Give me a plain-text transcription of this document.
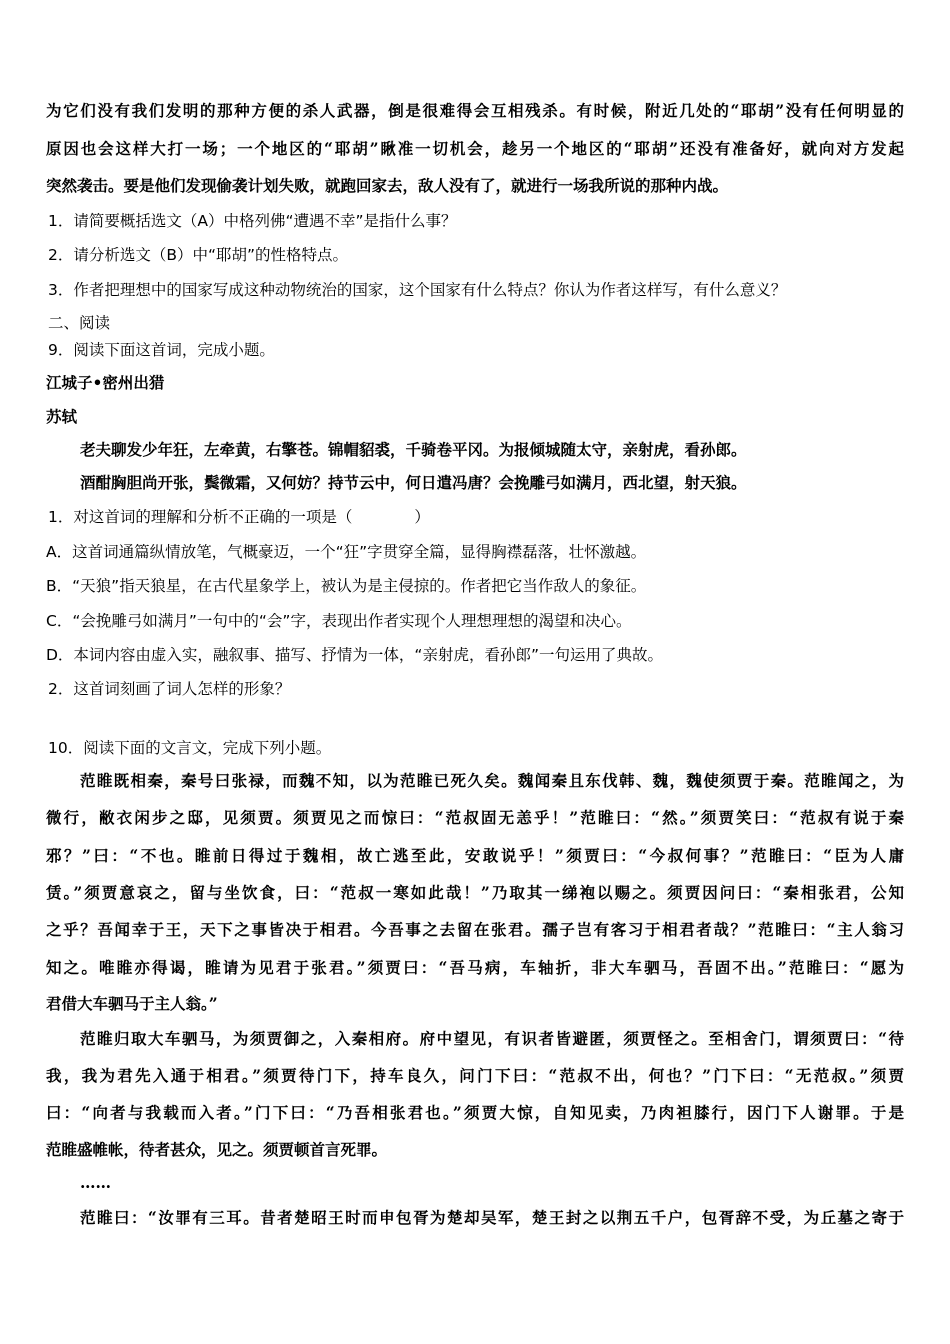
为它们没有我们发明的那种方便的杀人武器，倒是很难得会互相残杀。有时候，附近几处的“耶胡”没有任何明显的
原因也会这样大打一场；一个地区的“耶胡”瞅准一切机会，趁另一个地区的“耶胡”还没有准备好，就向对方发起
突然袭击。要是他们发现偷袭计划失败，就跑回家去，敌人没有了，就进行一场我所说的那种内战。
1．请简要概括选文（A）中格列佛“遭遇不幸”是指什么事？
2．请分析选文（B）中“耶胡”的性格特点。
3．作者把理想中的国家写成这种动物统治的国家，这个国家有什么特点？你认为作者这样写，有什么意义？
二、阅读
9．阅读下面这首词，完成小题。
江城子•密州出猎
苏轼
老夫聊发少年狂，左牵黄，右擎苍。锦帽貂裘，千骑卷平冈。为报倾城随太守，亲射虎，看孙郎。
酒酣胸胆尚开张，鬓微霜，又何妨？持节云中，何日遣冯唐？会挽雕弓如满月，西北望，射天狼。
1．对这首词的理解和分析不正确的一项是（　　　　）
A．这首词通篇纵情放笔，气概豪迈，一个“狂”字贯穿全篇，显得胸襟磊落，壮怀激越。
B．“天狼”指天狼星，在古代星象学上，被认为是主侵掠的。作者把它当作敌人的象征。
C．“会挽雕弓如满月”一句中的“会”字，表现出作者实现个人理想理想的渴望和决心。
D．本词内容由虚入实，融叙事、描写、抒情为一体，“亲射虎，看孙郎”一句运用了典故。
2．这首词刻画了词人怎样的形象？
10．阅读下面的文言文，完成下列小题。
范睢既相秦，秦号曰张禄，而魏不知，以为范睢已死久矣。魏闻秦且东伐韩、魏，魏使须贾于秦。范睢闻之，为
微行，敝衣闲步之邸，见须贾。须贾见之而惊曰：“范叔固无恙乎！”范睢曰：“然。”须贾笑曰：“范叔有说于秦
邪？”曰：“不也。睢前日得过于魏相，故亡逃至此，安敢说乎！”须贾曰：“今叔何事？”范睢曰：“臣为人庸
赁。”须贾意哀之，留与坐饮食，曰：“范叔一寒如此哉！”乃取其一绨袍以赐之。须贾因问曰：“秦相张君，公知
之乎？吾闻幸于王，天下之事皆决于相君。今吾事之去留在张君。孺子岂有客习于相君者哉？”范睢曰：“主人翁习
知之。唯睢亦得谒，睢请为见君于张君。”须贾曰：“吾马病，车轴折，非大车驷马，吾固不出。”范睢曰：“愿为
君借大车驷马于主人翁。”
范睢归取大车驷马，为须贾御之，入秦相府。府中望见，有识者皆避匿，须贾怪之。至相舍门，谓须贾曰：“待
我，我为君先入通于相君。”须贾待门下，持车良久，问门下曰：“范叔不出，何也？”门下曰：“无范叔。”须贾
曰：“向者与我载而入者。”门下曰：“乃吾相张君也。”须贾大惊，自知见卖，乃肉袒膝行，因门下人谢罪。于是
范睢盛帷帐，待者甚众，见之。须贾顿首言死罪。
……
范睢曰：“汝罪有三耳。昔者楚昭王时而申包胥为楚却吴军，楚王封之以荆五千户，包胥辞不受，为丘墓之寄于
